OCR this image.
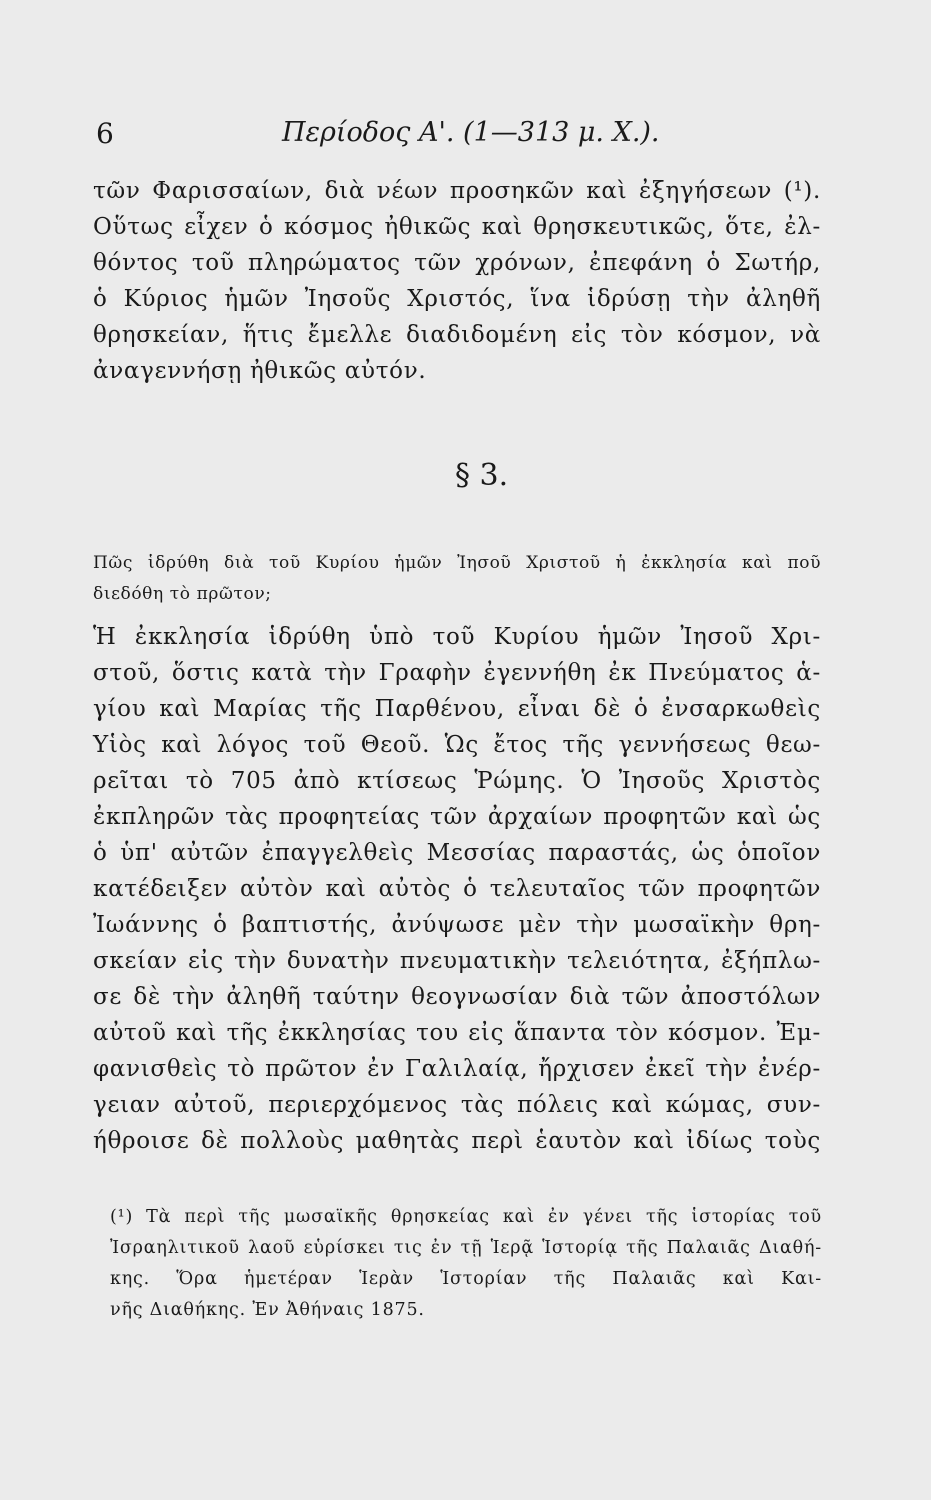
6	Περίοδος Α'. (1—313 μ. Χ.).
τῶν Φαρισσαίων, διὰ νέων προσηκῶν καὶ ἐξηγήσεων (¹).
Οὕτως εἶχεν ὁ κόσμος ἠθικῶς καὶ θρησκευτικῶς, ὅτε, ἐλ-
θόντος τοῦ πληρώματος τῶν χρόνων, ἐπεφάνη ὁ Σωτήρ,
ὁ Κύριος ἡμῶν Ἰησοῦς Χριστός, ἵνα ἱδρύσῃ τὴν ἀληθῆ
θρησκείαν, ἥτις ἔμελλε διαδιδομένη εἰς τὸν κόσμον, νὰ
ἀναγεννήσῃ ἠθικῶς αὐτόν.
§ 3.
Πῶς ἱδρύθη διὰ τοῦ Κυρίου ἡμῶν Ἰησοῦ Χριστοῦ ἡ ἐκκλησία καὶ ποῦ
διεδόθη τὸ πρῶτον;
Ἡ ἐκκλησία ἱδρύθη ὑπὸ τοῦ Κυρίου ἡμῶν Ἰησοῦ Χρι-
στοῦ, ὅστις κατὰ τὴν Γραφὴν ἐγεννήθη ἐκ Πνεύματος ἁ-
γίου καὶ Μαρίας τῆς Παρθένου, εἶναι δὲ ὁ ἐνσαρκωθεὶς
Υἱὸς καὶ λόγος τοῦ Θεοῦ. Ὡς ἔτος τῆς γεννήσεως θεω-
ρεῖται τὸ 705 ἀπὸ κτίσεως Ῥώμης. Ὁ Ἰησοῦς Χριστὸς
ἐκπληρῶν τὰς προφητείας τῶν ἀρχαίων προφητῶν καὶ ὡς
ὁ ὑπ' αὐτῶν ἐπαγγελθεὶς Μεσσίας παραστάς, ὡς ὁποῖον
κατέδειξεν αὐτὸν καὶ αὐτὸς ὁ τελευταῖος τῶν προφητῶν
Ἰωάννης ὁ βαπτιστής, ἀνύψωσε μὲν τὴν μωσαϊκὴν θρη-
σκείαν εἰς τὴν δυνατὴν πνευματικὴν τελειότητα, ἐξήπλω-
σε δὲ τὴν ἀληθῆ ταύτην θεογνωσίαν διὰ τῶν ἀποστόλων
αὐτοῦ καὶ τῆς ἐκκλησίας του εἰς ἅπαντα τὸν κόσμον. Ἐμ-
φανισθεὶς τὸ πρῶτον ἐν Γαλιλαίᾳ, ἤρχισεν ἐκεῖ τὴν ἐνέρ-
γειαν αὐτοῦ, περιερχόμενος τὰς πόλεις καὶ κώμας, συν-
ήθροισε δὲ πολλοὺς μαθητὰς περὶ ἑαυτὸν καὶ ἰδίως τοὺς
(¹) Τὰ περὶ τῆς μωσαϊκῆς θρησκείας καὶ ἐν γένει τῆς ἱστορίας τοῦ
Ἰσραηλιτικοῦ λαοῦ εὑρίσκει τις ἐν τῇ Ἱερᾷ Ἱστορίᾳ τῆς Παλαιᾶς Διαθή-
κης. Ὅρα ἡμετέραν Ἱερὰν Ἱστορίαν τῆς Παλαιᾶς καὶ Και-
νῆς Διαθήκης. Ἐν Ἀθήναις 1875.
